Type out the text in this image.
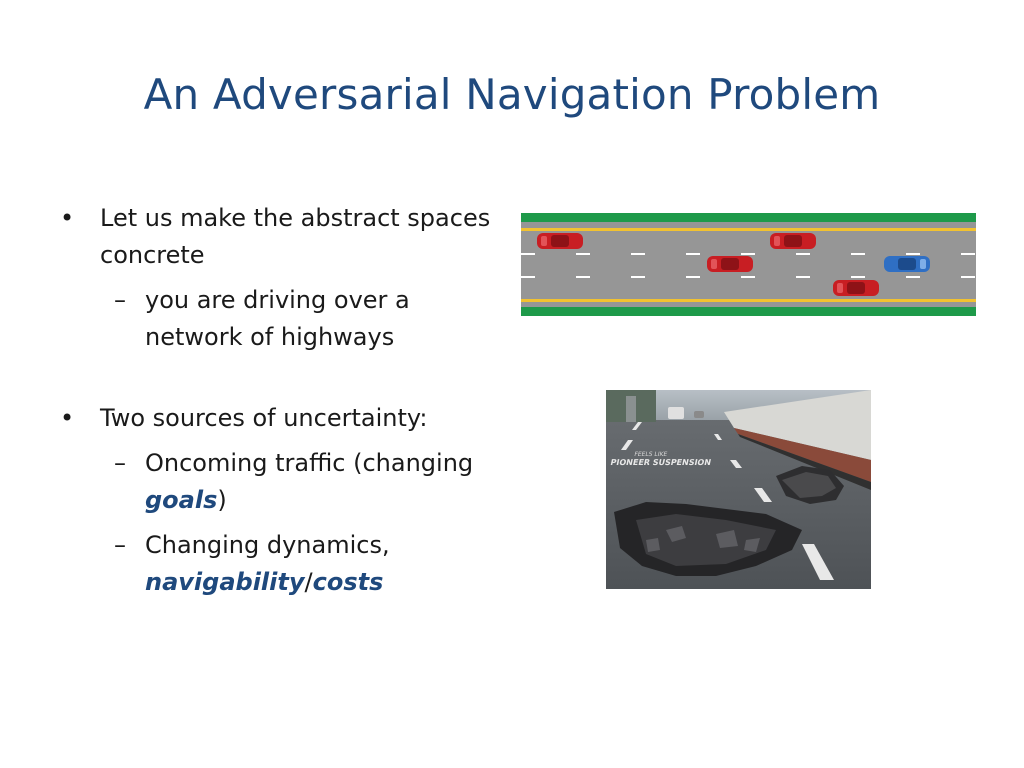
An Adversarial Navigation Problem
• Let us make the abstract spaces concrete
– you are driving over a network of highways
• Two sources of uncertainty:
– Oncoming traffic (changing goals)
– Changing dynamics, navigability/costs
FEELS LIKE
PIONEER SUSPENSION
